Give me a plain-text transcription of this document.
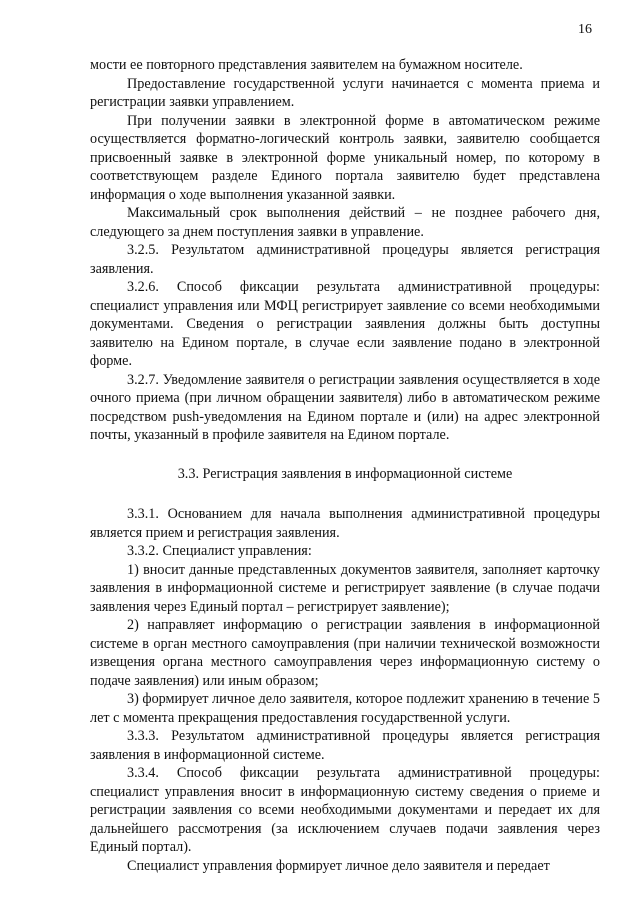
16

мости ее повторного представления заявителем на бумажном носителе.

Предоставление государственной услуги начинается с момента приема и регистрации заявки управлением.

При получении заявки в электронной форме в автоматическом режиме осуществляется форматно-логический контроль заявки, заявителю сообщается присвоенный заявке в электронной форме уникальный номер, по которому в соответствующем разделе Единого портала заявителю будет представлена информация о ходе выполнения указанной заявки.

Максимальный срок выполнения действий – не позднее рабочего дня, следующего за днем поступления заявки в управление.

3.2.5. Результатом административной процедуры является регистрация заявления.

3.2.6. Способ фиксации результата административной процедуры: специалист управления или МФЦ регистрирует заявление со всеми необходимыми документами. Сведения о регистрации заявления должны быть доступны заявителю на Едином портале, в случае если заявление подано в электронной форме.

3.2.7. Уведомление заявителя о регистрации заявления осуществляется в ходе очного приема (при личном обращении заявителя) либо в автоматическом режиме посредством push-уведомления на Едином портале и (или) на адрес электронной почты, указанный в профиле заявителя на Едином портале.

3.3. Регистрация заявления в информационной системе

3.3.1. Основанием для начала выполнения административной процедуры является прием и регистрация заявления.

3.3.2. Специалист управления:

1) вносит данные представленных документов заявителя, заполняет карточку заявления в информационной системе и регистрирует заявление (в случае подачи заявления через Единый портал – регистрирует заявление);

2) направляет информацию о регистрации заявления в информационной системе в орган местного самоуправления (при наличии технической возможности извещения органа местного самоуправления через информационную систему о подаче заявления) или иным образом;

3) формирует личное дело заявителя, которое подлежит хранению в течение 5 лет с момента прекращения предоставления государственной услуги.

3.3.3. Результатом административной процедуры является регистрация заявления в информационной системе.

3.3.4. Способ фиксации результата административной процедуры: специалист управления вносит в информационную систему сведения о приеме и регистрации заявления со всеми необходимыми документами и передает их для дальнейшего рассмотрения (за исключением случаев подачи заявления через Единый портал).

Специалист управления формирует личное дело заявителя и передает
